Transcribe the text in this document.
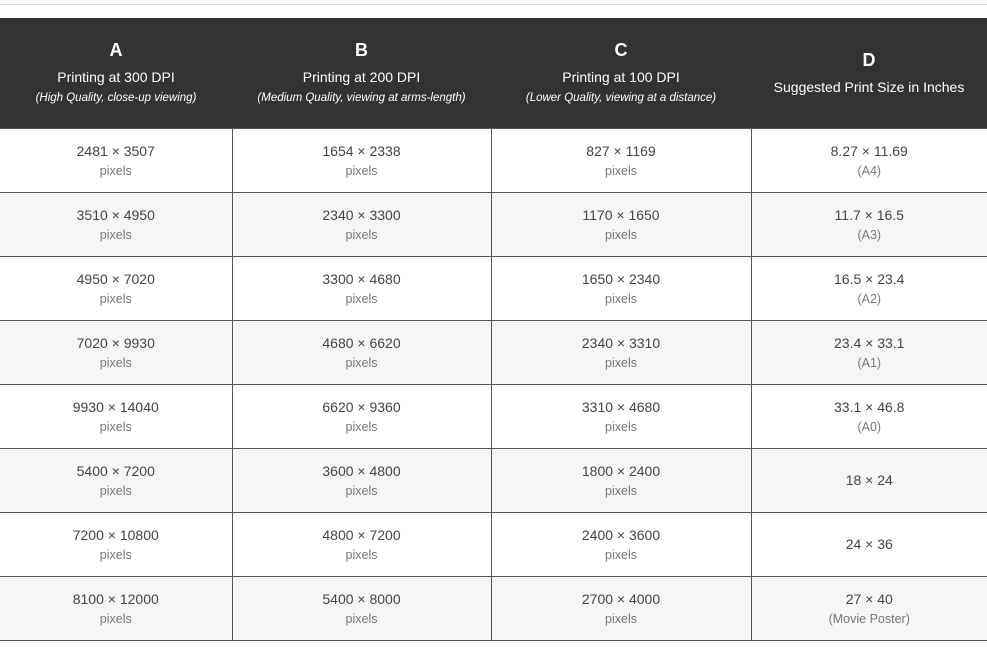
A
Printing at 300 DPI
(High Quality, close-up viewing)	B
Printing at 200 DPI
(Medium Quality, viewing at arms-length)	C
Printing at 100 DPI
(Lower Quality, viewing at a distance)	D
Suggested Print Size in Inches

2481 × 3507
pixels	1654 × 2338
pixels	827 × 1169
pixels	8.27 × 11.69
(A4)

3510 × 4950
pixels	2340 × 3300
pixels	1170 × 1650
pixels	11.7 × 16.5
(A3)

4950 × 7020
pixels	3300 × 4680
pixels	1650 × 2340
pixels	16.5 × 23.4
(A2)

7020 × 9930
pixels	4680 × 6620
pixels	2340 × 3310
pixels	23.4 × 33.1
(A1)

9930 × 14040
pixels	6620 × 9360
pixels	3310 × 4680
pixels	33.1 × 46.8
(A0)

5400 × 7200
pixels	3600 × 4800
pixels	1800 × 2400
pixels	18 × 24

7200 × 10800
pixels	4800 × 7200
pixels	2400 × 3600
pixels	24 × 36

8100 × 12000
pixels	5400 × 8000
pixels	2700 × 4000
pixels	27 × 40
(Movie Poster)
